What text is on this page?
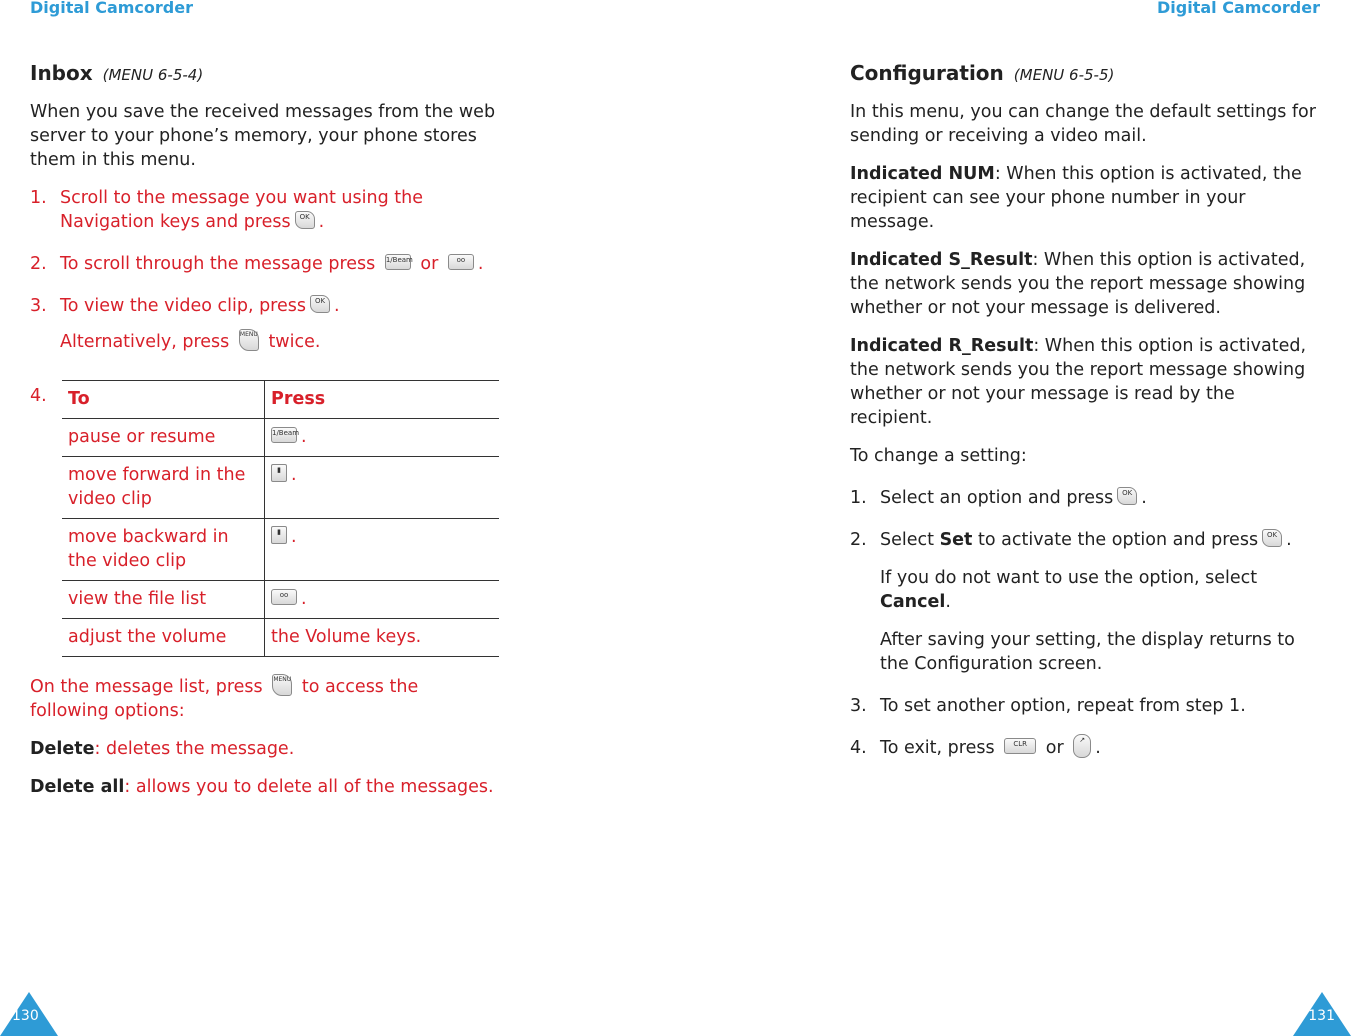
Digital Camcorder	Digital Camcorder
Inbox (MENU 6-5-4)

When you save the received messages from the web server to your phone’s memory, your phone stores them in this menu.

1. Scroll to the message you want using the Navigation keys and press OK .
2. To scroll through the message press 1/Beam or	oo .
3. To view the video clip, press OK .
Alternatively, press MENU twice.
4. To	Press
pause or resume	1/Beam .
move forward in the video clip	▮ .
move backward in the video clip	▮ .
view the file list	oo .
adjust the volume	the Volume keys.

On the message list, press MENU to access the following options:

Delete: deletes the message.

Delete all: allows you to delete all of the messages.

Configuration (MENU 6-5-5)

In this menu, you can change the default settings for sending or receiving a video mail.

Indicated NUM: When this option is activated, the recipient can see your phone number in your message.

Indicated S_Result: When this option is activated, the network sends you the report message showing whether or not your message is delivered.

Indicated R_Result: When this option is activated, the network sends you the report message showing whether or not your message is read by the recipient.

To change a setting:

1. Select an option and press OK .
2. Select Set to activate the option and press OK .

If you do not want to use the option, select Cancel.

After saving your setting, the display returns to the Configuration screen.

3. To set another option, repeat from step 1.
4. To exit, press	CLR or ↗ .
130	131
